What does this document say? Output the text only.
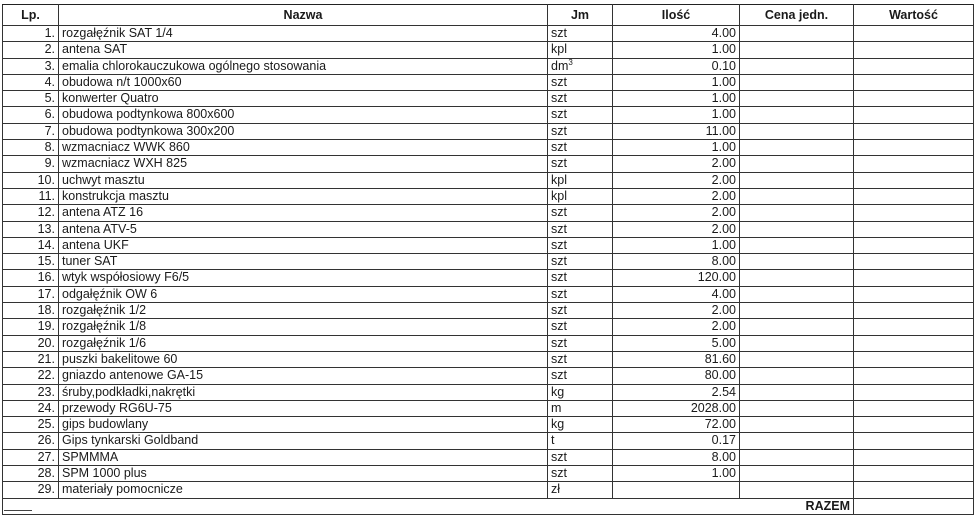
Lp.	Nazwa	Jm	Ilość	Cena jedn.	Wartość
1.	rozgałęźnik SAT 1/4	szt	4.00		
2.	antena SAT	kpl	1.00		
3.	emalia chlorokauczukowa ogólnego stosowania	$dm^3$	0.10		
4.	obudowa n/t 1000x60	szt	1.00		
5.	konwerter Quatro	szt	1.00		
6.	obudowa podtynkowa 800x600	szt	1.00		
7.	obudowa podtynkowa 300x200	szt	11.00		
8.	wzmacniacz WWK 860	szt	1.00		
9.	wzmacniacz WXH 825	szt	2.00		
10.	uchwyt masztu	kpl	2.00		
11.	konstrukcja masztu	kpl	2.00		
12.	antena ATZ 16	szt	2.00		
13.	antena ATV-5	szt	2.00		
14.	antena UKF	szt	1.00		
15.	tuner SAT	szt	8.00		
16.	wtyk współosiowy F6/5	szt	120.00		
17.	odgałęźnik OW 6	szt	4.00		
18.	rozgałęźnik 1/2	szt	2.00		
19.	rozgałęźnik 1/8	szt	2.00		
20.	rozgałęźnik 1/6	szt	5.00		
21.	puszki bakelitowe 60	szt	81.60		
22.	gniazdo antenowe GA-15	szt	80.00		
23.	śruby,podkładki,nakrętki	kg	2.54		
24.	przewody RG6U-75	m	2028.00		
25.	gips budowlany	kg	72.00		
26.	Gips tynkarski Goldband	t	0.17		
27.	SPMMMA	szt	8.00		
28.	SPM 1000 plus	szt	1.00		
29.	materiały pomocnicze	zł			
RAZEM					
